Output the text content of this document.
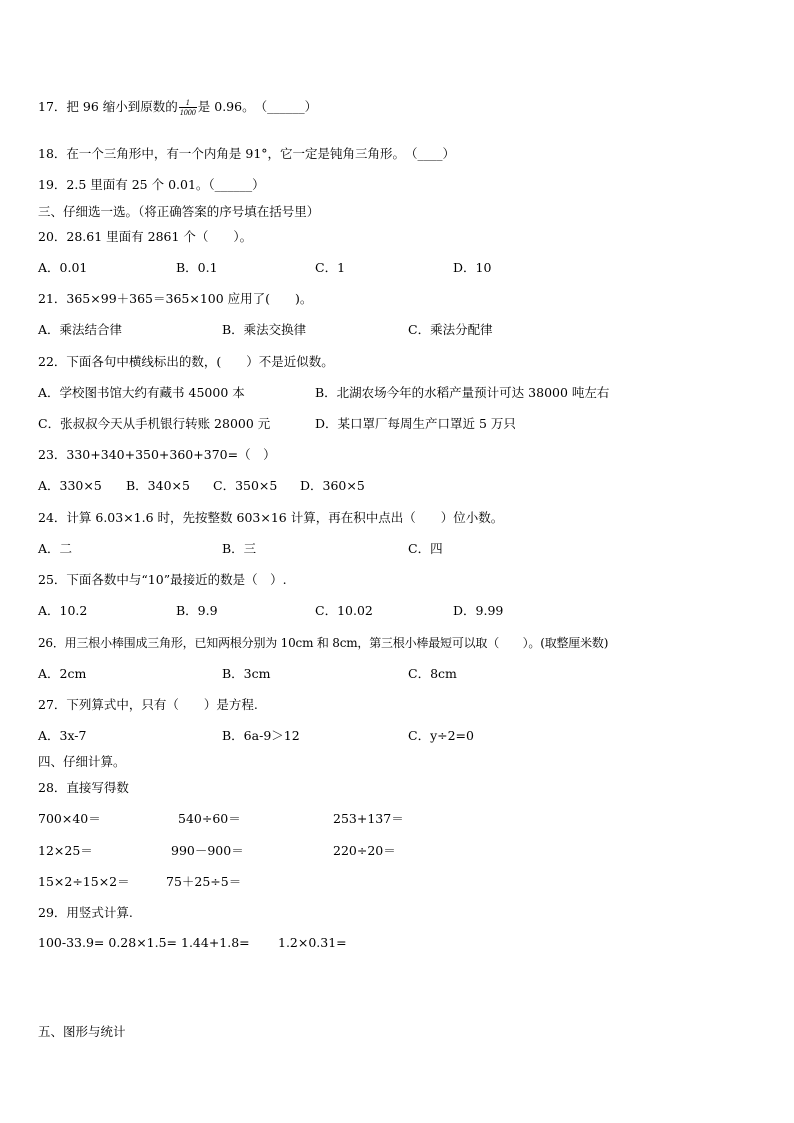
17．把 96 缩小到原数的 $\frac{1}{1000}$ 是 0.96。　（______）
18．在一个三角形中，有一个内角是 91°，它一定是钝角三角形。　（____）
19．2.5 里面有 25 个 0.01。（______）
三、仔细选一选。（将正确答案的序号填在括号里）
20．28.61 里面有 2861 个（　　）。
A．0.01	B．0.1	C．1	D．10
21．365×99＋365＝365×100 应用了(　　)。
A．乘法结合律	B．乘法交换律	C．乘法分配律
22．下面各句中横线标出的数，(　　）不是近似数。
A．学校图书馆大约有藏书 45000 本	B．北湖农场今年的水稻产量预计可达 38000 吨左右
C．张叔叔今天从手机银行转账 28000 元	D．某口罩厂每周生产口罩近 5 万只
23．330+340+350+360+370=（　）
A．330×5 B．340×5 C．350×5 D．360×5
24．计算 6.03×1.6 时，先按整数 603×16 计算，再在积中点出（　　）位小数。
A．二	B．三	C．四
25．下面各数中与“10”最接近的数是（　）.
A．10.2	B．9.9	C．10.02	D．9.99
26．用三根小棒围成三角形，已知两根分别为 10cm 和 8cm，第三根小棒最短可以取（　　）。(取整厘米数)
A．2cm	B．3cm	C．8cm
27．下列算式中，只有（　　）是方程.
A．3x-7	B．6a-9＞12	C．y÷2=0
四、仔细计算。
28．直接写得数
700×40＝	540÷60＝	253+137＝
12×25＝	990－900＝	220÷20＝
15×2÷15×2＝	75＋25÷5＝
29．用竖式计算.
100-33.9= 0.28×1.5= 1.44+1.8= 1.2×0.31=
五、图形与统计
